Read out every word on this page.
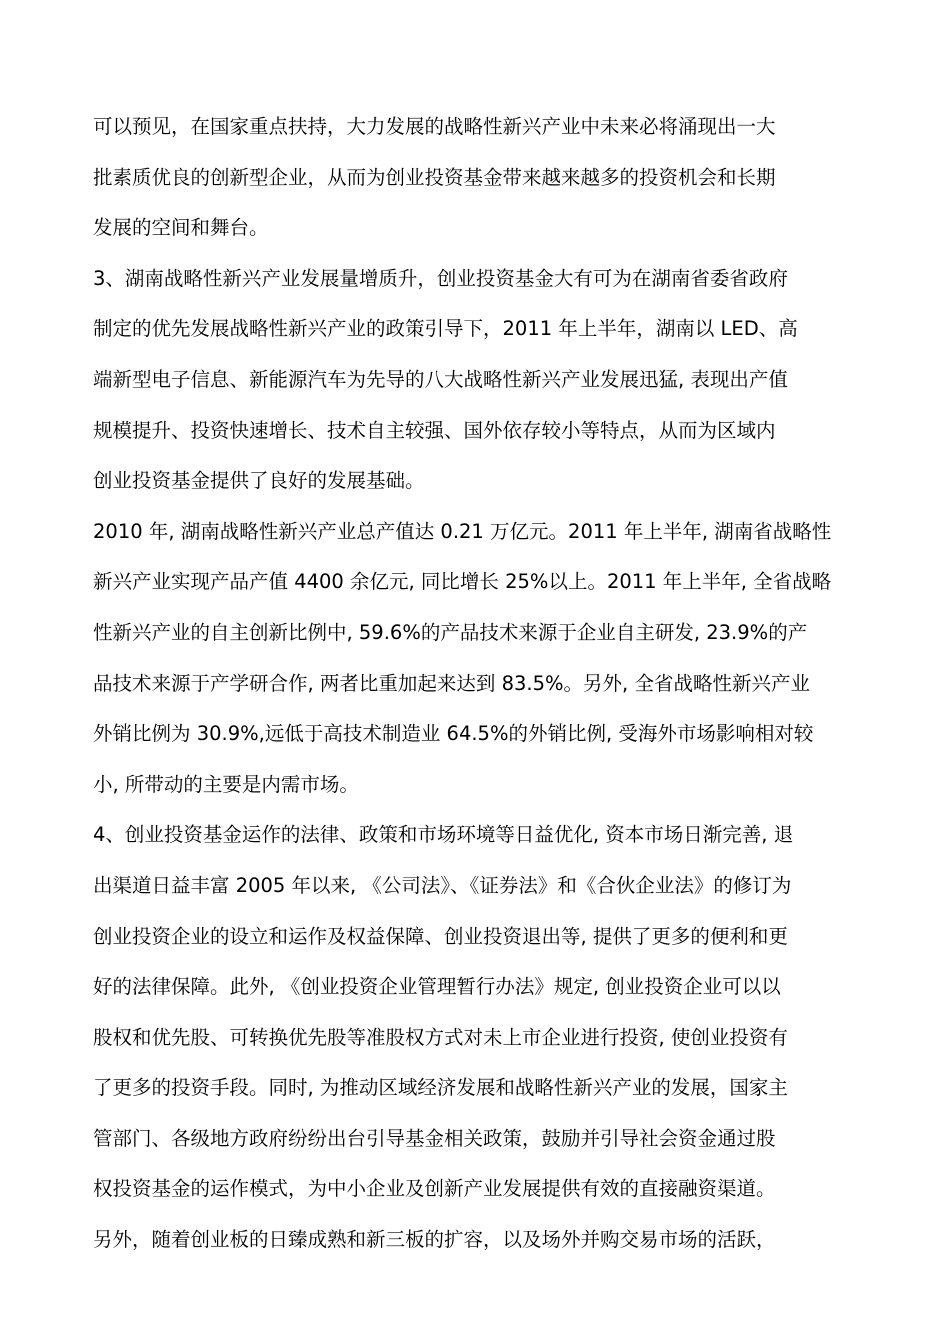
可以预见，在国家重点扶持，大力发展的战略性新兴产业中未来必将涌现出一大
批素质优良的创新型企业，从而为创业投资基金带来越来越多的投资机会和长期
发展的空间和舞台。
3、湖南战略性新兴产业发展量增质升，创业投资基金大有可为在湖南省委省政府
制定的优先发展战略性新兴产业的政策引导下，2011 年上半年，湖南以 LED、高
端新型电子信息、新能源汽车为先导的八大战略性新兴产业发展迅猛, 表现出产值
规模提升、投资快速增长、技术自主较强、国外依存较小等特点，从而为区域内
创业投资基金提供了良好的发展基础。
2010 年, 湖南战略性新兴产业总产值达 0.21 万亿元。2011 年上半年, 湖南省战略性
新兴产业实现产品产值 4400 余亿元, 同比增长 25%以上。2011 年上半年, 全省战略
性新兴产业的自主创新比例中, 59.6%的产品技术来源于企业自主研发, 23.9%的产
品技术来源于产学研合作, 两者比重加起来达到 83.5%。另外, 全省战略性新兴产业
外销比例为 30.9%,远低于高技术制造业 64.5%的外销比例, 受海外市场影响相对较
小, 所带动的主要是内需市场。
4、创业投资基金运作的法律、政策和市场环境等日益优化, 资本市场日渐完善, 退
出渠道日益丰富 2005 年以来, 《公司法》、《证券法》和《合伙企业法》的修订为
创业投资企业的设立和运作及权益保障、创业投资退出等, 提供了更多的便利和更
好的法律保障。此外, 《创业投资企业管理暂行办法》规定, 创业投资企业可以以
股权和优先股、可转换优先股等准股权方式对未上市企业进行投资, 使创业投资有
了更多的投资手段。同时, 为推动区域经济发展和战略性新兴产业的发展，国家主
管部门、各级地方政府纷纷出台引导基金相关政策，鼓励并引导社会资金通过股
权投资基金的运作模式，为中小企业及创新产业发展提供有效的直接融资渠道。
另外，随着创业板的日臻成熟和新三板的扩容，以及场外并购交易市场的活跃，
